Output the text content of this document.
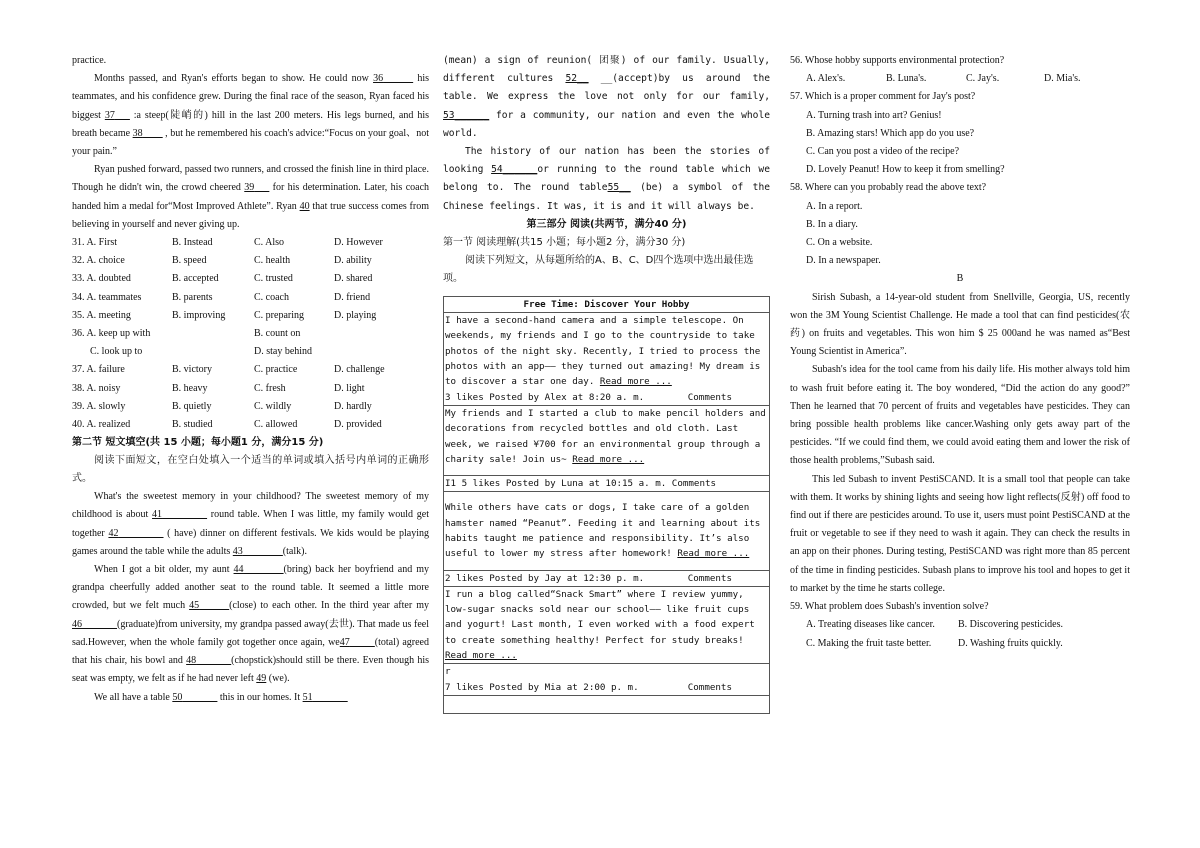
practice.

Months passed, and Ryan's efforts began to show. He could now 36______ his teammates, and his confidence grew. During the final race of the season, Ryan faced his biggest 37___ :a steep(陡峭的) hill in the last 200 meters. His legs burned, and his breath became 38____ , but he remembered his coach's advice:“Focus on your goal、not your pain.”

Ryan pushed forward, passed two runners, and crossed the finish line in third place. Though he didn't win, the crowd cheered 39___ for his determination. Later, his coach handed him a medal for“Most Improved Athlete”. Ryan 40 that true success comes from believing in yourself and never giving up.

31. A. First	B. Instead	C. Also	D. However
32. A. choice	B. speed	C. health	D. ability
33. A. doubted	B. accepted	C. trusted	D. shared
34. A. teammates	B. parents	C. coach	D. friend
35. A. meeting	B. improving	C. preparing	D. playing
36. A. keep up with	B. count on
C. look up to	D. stay behind
37. A. failure	B. victory	C. practice	D. challenge
38. A. noisy	B. heavy	C. fresh	D. light
39. A. slowly	B. quietly	C. wildly	D. hardly
40. A. realized	B. studied	C. allowed	D. provided

第二节 短文填空(共 15 小题；每小题1 分，满分15 分)

阅读下面短文，在空白处填入一个适当的单词或填入括号内单词的正确形式。

What's the sweetest memory in your childhood? The sweetest memory of my childhood is about 41_________ round table. When I was little, my family would get together 42_________ ( have) dinner on different festivals. We kids would be playing games around the table while the adults 43________(talk).

When I got a bit older, my aunt 44________(bring) back her boyfriend and my grandpa cheerfully added another seat to the round table. It seemed a little more crowded, but we felt much 45______(close) to each other. In the third year after my 46_______(graduate)from university, my grandpa passed away(去世). That made us feel sad.However, when the whole family got together once again, we47_____(total) agreed that his chair, his bowl and 48_______(chopstick)should still be there. Even though his seat was empty, we felt as if he had never left 49 (we).

We all have a table 50_______ this in our homes. It 51_______

(mean) a sign of reunion( 团聚) of our family. Usually, different cultures 52__ __(accept)by us around the table. We express the love not only for our family, 53______ for a community, our nation and even the whole world.

The history of our nation has been the stories of looking 54______or running to the round table which we belong to. The round table55__ (be) a symbol of the Chinese feelings. It was, it is and it will always be.

第三部分 阅读(共两节，满分40 分)

第一节 阅读理解(共15 小题；每小题2 分，满分30 分)

阅读下列短文，从每题所给的A、B、C、D四个选项中选出最佳选项。

Free Time: Discover Your Hobby
I have a second-hand camera and a simple telescope. On weekends, my friends and I go to the countryside to take photos of the night sky. Recently, I tried to process the photos with an app—— they turned out amazing! My dream is to discover a star one day. Read more ...
3 likes Posted by Alex at 8:20 a. m.	Comments
My friends and I started a club to make pencil holders and decorations from recycled bottles and old cloth. Last week, we raised ¥700 for an environmental group through a charity sale! Join us~ Read more ...
I1 5 likes Posted by Luna at 10:15 a. m. Comments
While others have cats or dogs, I take care of a golden hamster named “Peanut”. Feeding it and learning about its habits taught me patience and responsibility. It’s also useful to lower my stress after homework! Read more ...
2 likes Posted by Jay at 12:30 p. m.	Comments
I run a blog called“Snack Smart” where I review yummy, low-sugar snacks sold near our school—— like fruit cups and yogurt! Last month, I even worked with a food expert to create something healthy! Perfect for study breaks! Read more ...
r
7 likes Posted by Mia at 2:00 p. m.	Comments

56. Whose hobby supports environmental protection?

A. Alex's.	B. Luna's.	C. Jay's.	D. Mia's.

57. Which is a proper comment for Jay's post?

A. Turning trash into art? Genius!

B. Amazing stars! Which app do you use?

C. Can you post a video of the recipe?

D. Lovely Peanut! How to keep it from smelling?

58. Where can you probably read the above text?

A. In a report.

B. In a diary.

C. On a website.

D. In a newspaper.

B

Sirish Subash, a 14-year-old student from Snellville, Georgia, US, recently won the 3M Young Scientist Challenge. He made a tool that can find pesticides(农药) on fruits and vegetables. This won him $ 25 000and he was named as“Best Young Scientist in America”.

Subash's idea for the tool came from his daily life. His mother always told him to wash fruit before eating it. The boy wondered, “Did the action do any good?” Then he learned that 70 percent of fruits and vegetables have pesticides. They can bring possible health problems like cancer.Washing only gets away part of the pesticides. “If we could find them, we could avoid eating them and lower the risk of those health problems,”Subash said.

This led Subash to invent PestiSCAND. It is a small tool that people can take with them. It works by shining lights and seeing how light reflects(反射) off food to find out if there are pesticides around. To use it, users must point PestiSCAND at the fruit or vegetable to see if they need to wash it again. They can check the results in an app on their phones. During testing, PestiSCAND was right more than 85 percent of the time in finding pesticides. Subash plans to improve his tool and hopes to get it to market by the time he starts college.

59. What problem does Subash's invention solve?

A. Treating diseases like cancer.	B. Discovering pesticides.
C. Making the fruit taste better.	D. Washing fruits quickly.
